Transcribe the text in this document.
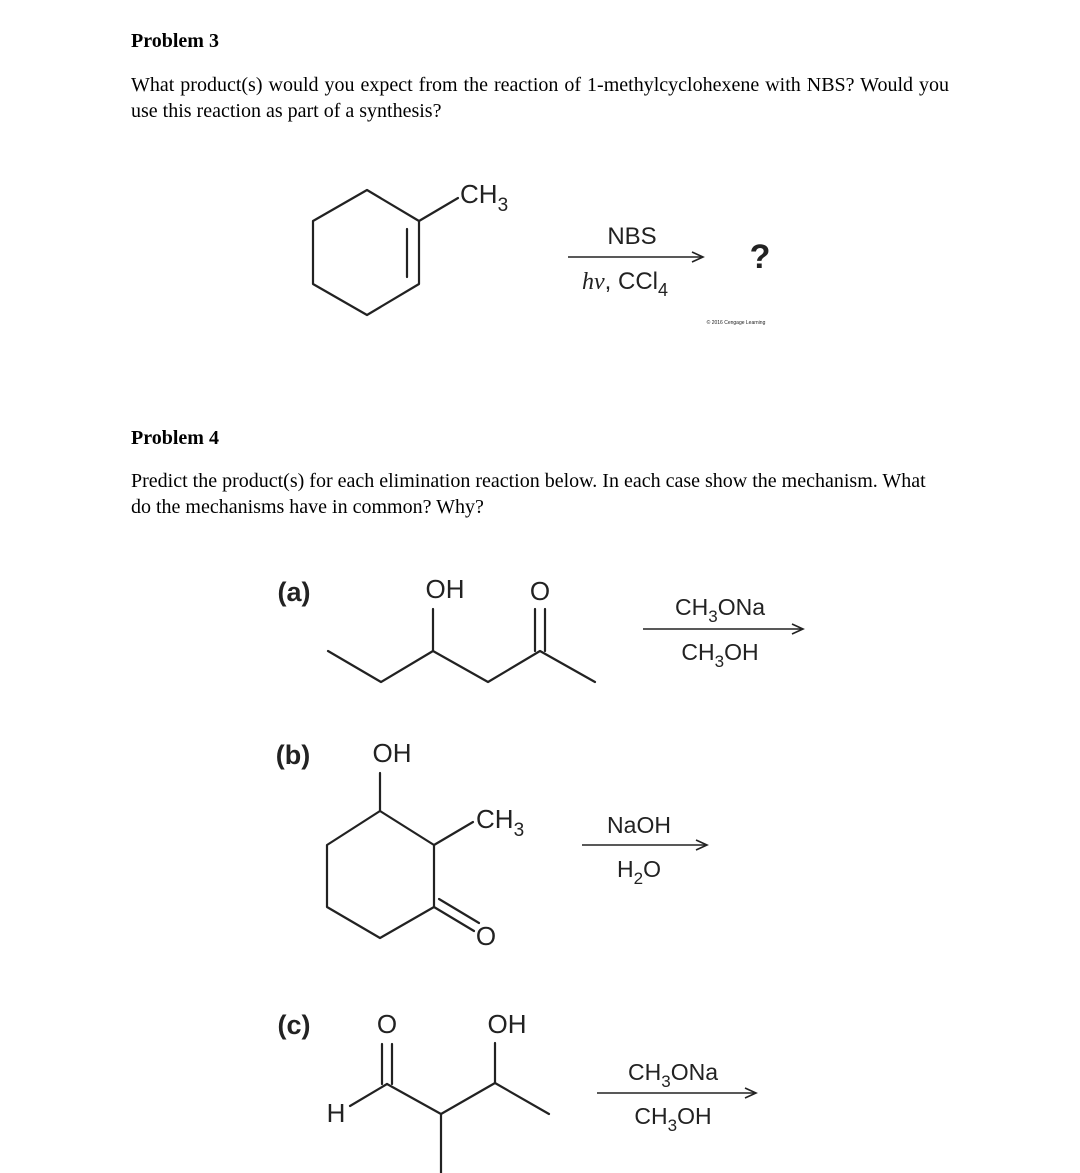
Problem 3

What product(s) would you expect from the reaction of 1-methylcyclohexene with NBS? Would you use this reaction as part of a synthesis?

Problem 4

Predict the product(s) for each elimination reaction below. In each case show the mechanism. What do the mechanisms have in common? Why?

$CH_3$
NBS
hν, CCl$_4$
?
© 2016 Cengage Learning
(a)	OH	O
$CH_3ONa$
$CH_3OH$
(b) OH
$CH_3$
O
NaOH
$H_2O$
(c)	O	OH
H
$CH_3ONa$
$CH_3OH$
